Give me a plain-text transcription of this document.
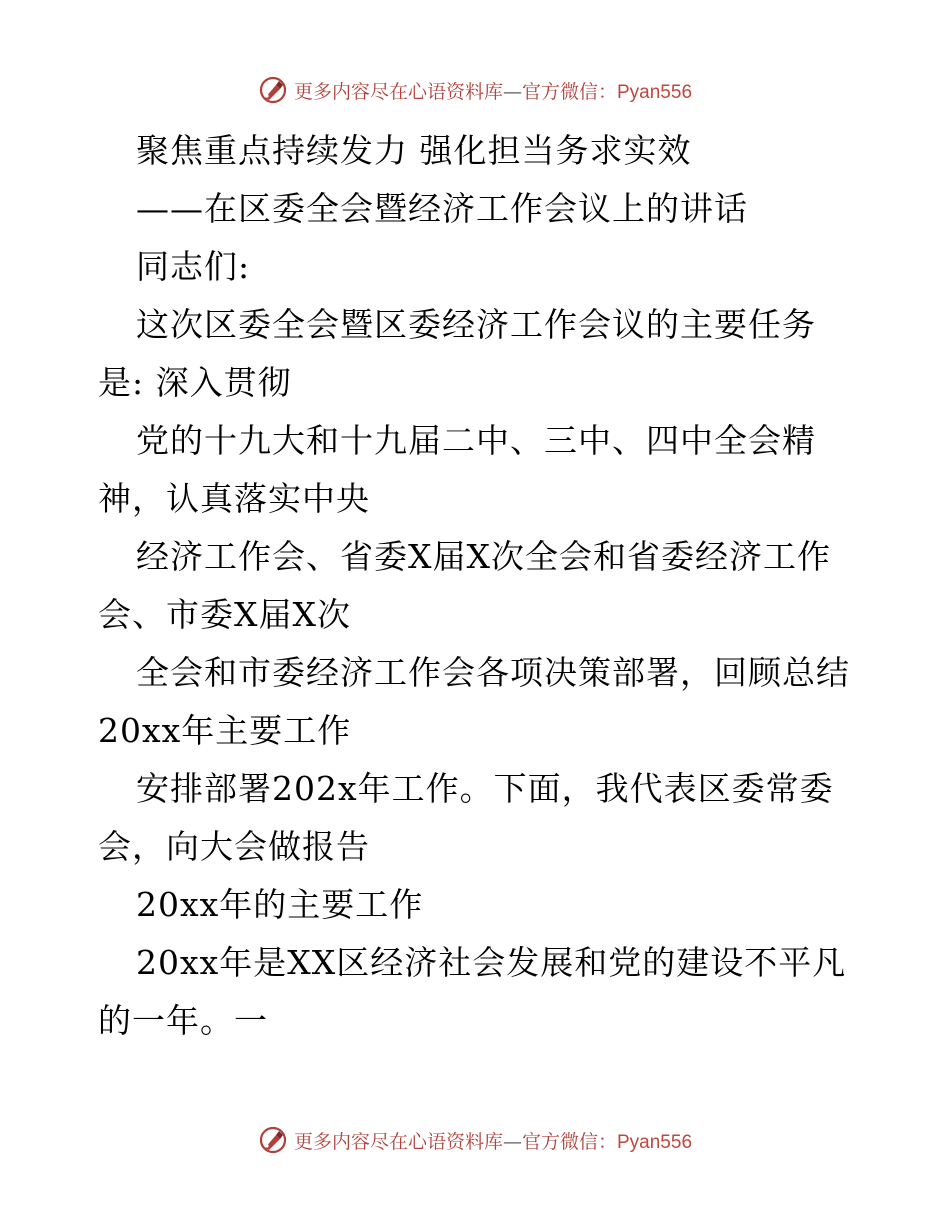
更多内容尽在心语资料库—官方微信：Pyan556
聚焦重点持续发力 强化担当务求实效
——在区委全会暨经济工作会议上的讲话
同志们:
这次区委全会暨区委经济工作会议的主要任务
是: 深入贯彻
党的十九大和十九届二中、三中、四中全会精
神，认真落实中央
经济工作会、省委X届X次全会和省委经济工作
会、市委X届X次
全会和市委经济工作会各项决策部署，回顾总结
20xx年主要工作
安排部署202x年工作。下面，我代表区委常委
会，向大会做报告
20xx年的主要工作
20xx年是XX区经济社会发展和党的建设不平凡
的一年。一
更多内容尽在心语资料库—官方微信：Pyan556
